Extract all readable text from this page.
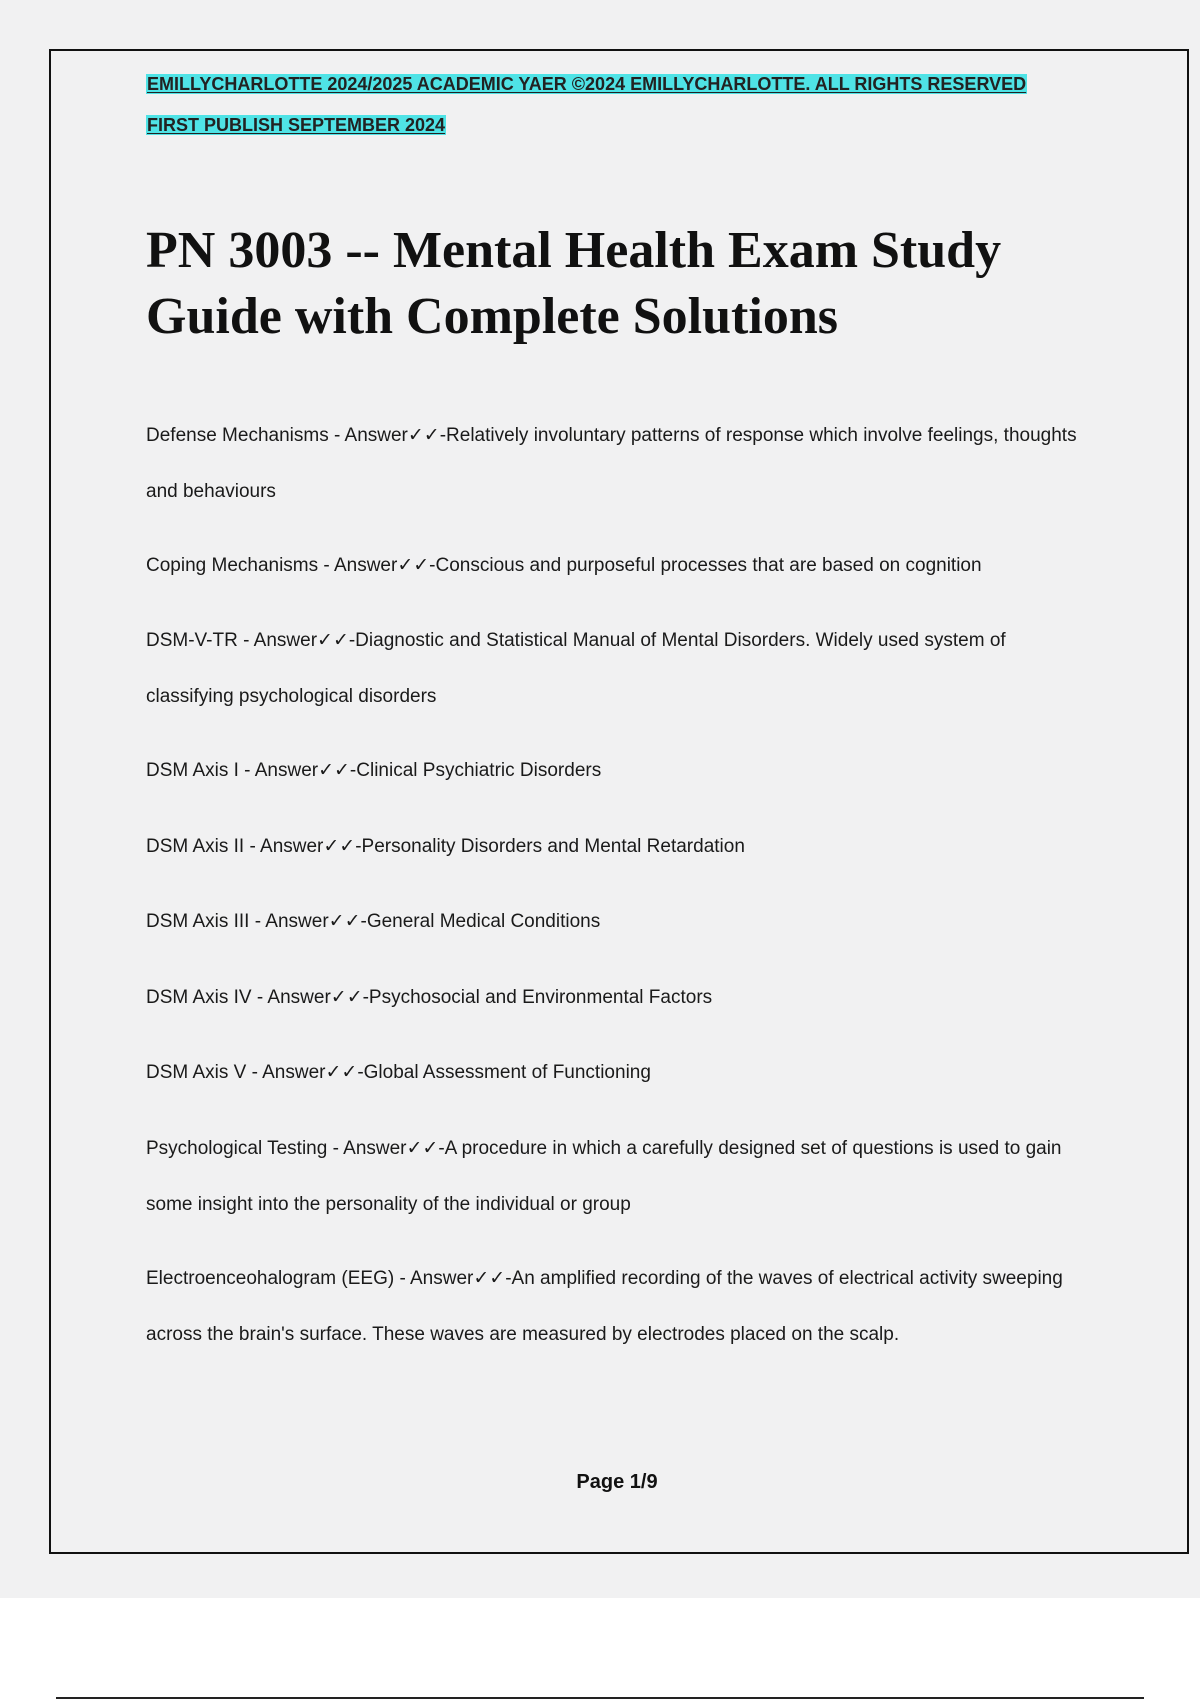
EMILLYCHARLOTTE 2024/2025 ACADEMIC YAER ©2024 EMILLYCHARLOTTE. ALL RIGHTS RESERVED
FIRST PUBLISH SEPTEMBER 2024
PN 3003 -- Mental Health Exam Study Guide with Complete Solutions

Defense Mechanisms - Answer✓✓-Relatively involuntary patterns of response which involve feelings, thoughts and behaviours

Coping Mechanisms - Answer✓✓-Conscious and purposeful processes that are based on cognition

DSM-V-TR - Answer✓✓-Diagnostic and Statistical Manual of Mental Disorders. Widely used system of classifying psychological disorders

DSM Axis I - Answer✓✓-Clinical Psychiatric Disorders

DSM Axis II - Answer✓✓-Personality Disorders and Mental Retardation

DSM Axis III - Answer✓✓-General Medical Conditions

DSM Axis IV - Answer✓✓-Psychosocial and Environmental Factors

DSM Axis V - Answer✓✓-Global Assessment of Functioning

Psychological Testing - Answer✓✓-A procedure in which a carefully designed set of questions is used to gain some insight into the personality of the individual or group

Electroenceohalogram (EEG) - Answer✓✓-An amplified recording of the waves of electrical activity sweeping across the brain's surface. These waves are measured by electrodes placed on the scalp.

Page 1/9
